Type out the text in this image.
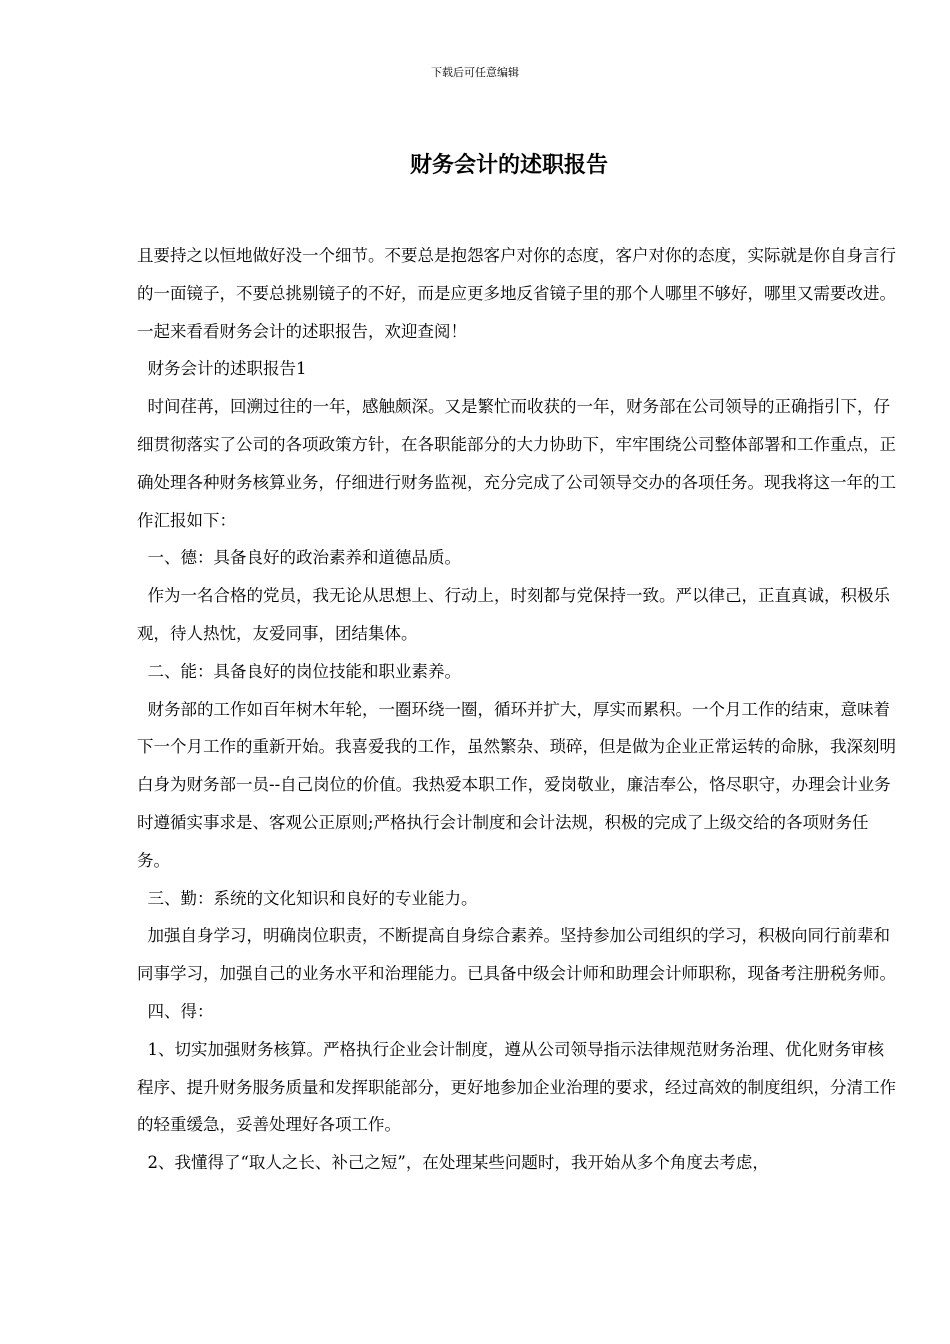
下载后可任意编辑
财务会计的述职报告

且要持之以恒地做好没一个细节。不要总是抱怨客户对你的态度，客户对你的态度，实际就是你自身言行的一面镜子，不要总挑剔镜子的不好，而是应更多地反省镜子里的那个人哪里不够好，哪里又需要改进。一起来看看财务会计的述职报告，欢迎查阅！

财务会计的述职报告1

时间荏苒，回溯过往的一年，感触颇深。又是繁忙而收获的一年，财务部在公司领导的正确指引下，仔细贯彻落实了公司的各项政策方针，在各职能部分的大力协助下，牢牢围绕公司整体部署和工作重点，正确处理各种财务核算业务，仔细进行财务监视，充分完成了公司领导交办的各项任务。现我将这一年的工作汇报如下：

一、德：具备良好的政治素养和道德品质。

作为一名合格的党员，我无论从思想上、行动上，时刻都与党保持一致。严以律己，正直真诚，积极乐观，待人热忱，友爱同事，团结集体。

二、能：具备良好的岗位技能和职业素养。

财务部的工作如百年树木年轮，一圈环绕一圈，循环并扩大，厚实而累积。一个月工作的结束，意味着下一个月工作的重新开始。我喜爱我的工作，虽然繁杂、琐碎，但是做为企业正常运转的命脉，我深刻明白身为财务部一员--自己岗位的价值。我热爱本职工作，爱岗敬业，廉洁奉公，恪尽职守，办理会计业务时遵循实事求是、客观公正原则;严格执行会计制度和会计法规，积极的完成了上级交给的各项财务任务。

三、勤：系统的文化知识和良好的专业能力。

加强自身学习，明确岗位职责，不断提高自身综合素养。坚持参加公司组织的学习，积极向同行前辈和同事学习，加强自己的业务水平和治理能力。已具备中级会计师和助理会计师职称，现备考注册税务师。

四、得：

1、切实加强财务核算。严格执行企业会计制度，遵从公司领导指示法律规范财务治理、优化财务审核程序、提升财务服务质量和发挥职能部分，更好地参加企业治理的要求，经过高效的制度组织，分清工作的轻重缓急，妥善处理好各项工作。

2、我懂得了“取人之长、补己之短”，在处理某些问题时，我开始从多个角度去考虑，
